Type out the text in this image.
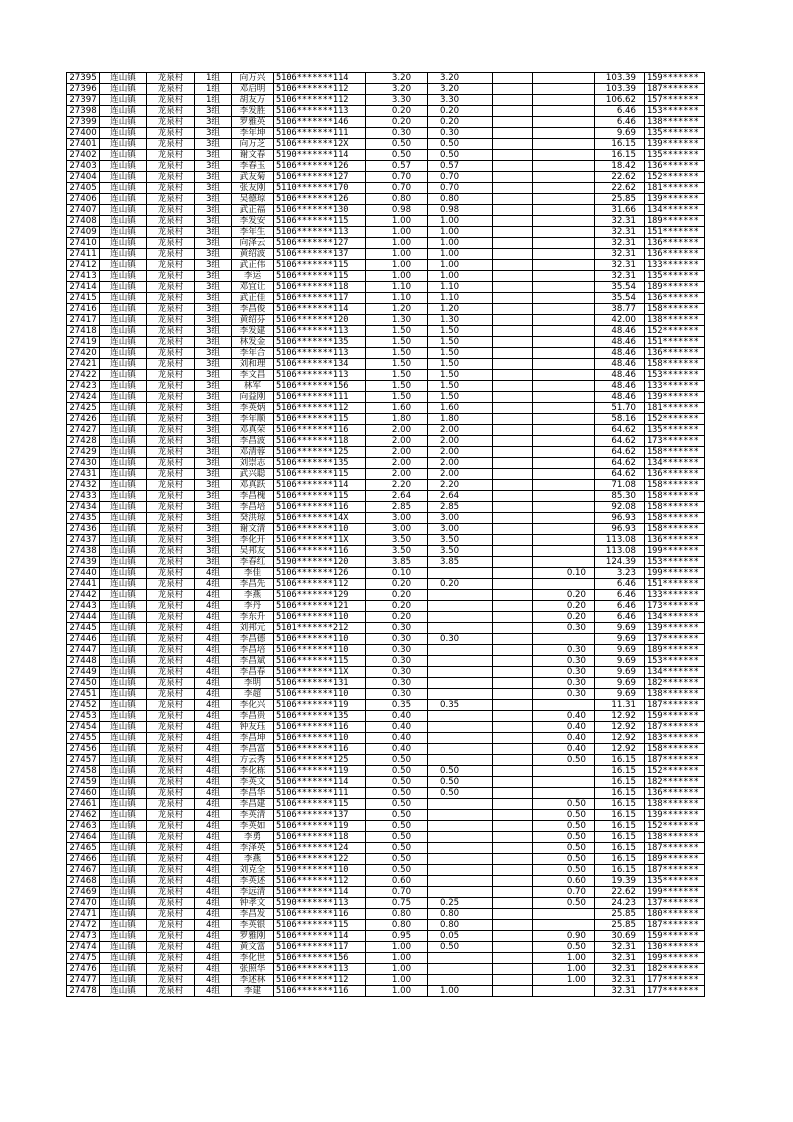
27395	连山镇	龙泉村	1组	向万兴	5106*******114	3.20	3.20			103.39	159*******
27396	连山镇	龙泉村	1组	邓启明	5106*******112	3.20	3.20			103.39	187*******
27397	连山镇	龙泉村	1组	胡友万	5106*******112	3.30	3.30			106.62	157*******
27398	连山镇	龙泉村	3组	李发胜	5106*******113	0.20	0.20			6.46	153*******
27399	连山镇	龙泉村	3组	罗雅英	5106*******146	0.20	0.20			6.46	138*******
27400	连山镇	龙泉村	3组	李年坤	5106*******111	0.30	0.30			9.69	135*******
27401	连山镇	龙泉村	3组	向万芝	5106*******12X	0.50	0.50			16.15	139*******
27402	连山镇	龙泉村	3组	谢文春	5190*******114	0.50	0.50			16.15	135*******
27403	连山镇	龙泉村	3组	李春玉	5106*******126	0.57	0.57			18.42	136*******
27404	连山镇	龙泉村	3组	武友菊	5106*******127	0.70	0.70			22.62	152*******
27405	连山镇	龙泉村	3组	张友刚	5110*******170	0.70	0.70			22.62	181*******
27406	连山镇	龙泉村	3组	吴德琼	5106*******126	0.80	0.80			25.85	139*******
27407	连山镇	龙泉村	3组	武正福	5106*******130	0.98	0.98			31.66	134*******
27408	连山镇	龙泉村	3组	李发安	5106*******115	1.00	1.00			32.31	189*******
27409	连山镇	龙泉村	3组	李年生	5106*******113	1.00	1.00			32.31	151*******
27410	连山镇	龙泉村	3组	向泽云	5106*******127	1.00	1.00			32.31	136*******
27411	连山镇	龙泉村	3组	黄绍波	5106*******137	1.00	1.00			32.31	136*******
27412	连山镇	龙泉村	3组	武正伟	5106*******115	1.00	1.00			32.31	133*******
27413	连山镇	龙泉村	3组	李运	5106*******115	1.00	1.00			32.31	135*******
27414	连山镇	龙泉村	3组	邓宜让	5106*******118	1.10	1.10			35.54	189*******
27415	连山镇	龙泉村	3组	武正佳	5106*******117	1.10	1.10			35.54	136*******
27416	连山镇	龙泉村	3组	李昌俊	5106*******114	1.20	1.20			38.77	158*******
27417	连山镇	龙泉村	3组	黄绍芬	5106*******120	1.30	1.30			42.00	138*******
27418	连山镇	龙泉村	3组	李发建	5106*******113	1.50	1.50			48.46	152*******
27419	连山镇	龙泉村	3组	林发金	5106*******135	1.50	1.50			48.46	151*******
27420	连山镇	龙泉村	3组	李年合	5106*******113	1.50	1.50			48.46	136*******
27421	连山镇	龙泉村	3组	刘和理	5106*******134	1.50	1.50			48.46	158*******
27422	连山镇	龙泉村	3组	李文昌	5106*******113	1.50	1.50			48.46	153*******
27423	连山镇	龙泉村	3组	林军	5106*******156	1.50	1.50			48.46	133*******
27424	连山镇	龙泉村	3组	向益刚	5106*******111	1.50	1.50			48.46	139*******
27425	连山镇	龙泉村	3组	李英炳	5106*******112	1.60	1.60			51.70	181*******
27426	连山镇	龙泉村	3组	李年顺	5106*******115	1.80	1.80			58.16	152*******
27427	连山镇	龙泉村	3组	邓真荣	5106*******116	2.00	2.00			64.62	135*******
27428	连山镇	龙泉村	3组	李昌波	5106*******118	2.00	2.00			64.62	173*******
27429	连山镇	龙泉村	3组	邓清蓉	5106*******125	2.00	2.00			64.62	158*******
27430	连山镇	龙泉村	3组	刘崇志	5106*******135	2.00	2.00			64.62	134*******
27431	连山镇	龙泉村	3组	武兴聪	5106*******115	2.00	2.00			64.62	136*******
27432	连山镇	龙泉村	3组	邓真跃	5106*******114	2.20	2.20			71.08	158*******
27433	连山镇	龙泉村	3组	李昌槐	5106*******115	2.64	2.64			85.30	158*******
27434	连山镇	龙泉村	3组	李昌培	5106*******116	2.85	2.85			92.08	158*******
27435	连山镇	龙泉村	3组	癸洪琼	5106*******14X	3.00	3.00			96.93	158*******
27436	连山镇	龙泉村	3组	谢文清	5106*******110	3.00	3.00			96.93	158*******
27437	连山镇	龙泉村	3组	李化开	5106*******11X	3.50	3.50			113.08	136*******
27438	连山镇	龙泉村	3组	吴邦友	5106*******116	3.50	3.50			113.08	199*******
27439	连山镇	龙泉村	3组	李春红	5190*******120	3.85	3.85			124.39	153*******
27440	连山镇	龙泉村	4组	李佳	5106*******126	0.10			0.10	3.23	199*******
27441	连山镇	龙泉村	4组	李昌先	5106*******112	0.20	0.20			6.46	151*******
27442	连山镇	龙泉村	4组	李燕	5106*******129	0.20			0.20	6.46	133*******
27443	连山镇	龙泉村	4组	李丹	5106*******121	0.20			0.20	6.46	173*******
27444	连山镇	龙泉村	4组	李东升	5106*******110	0.20			0.20	6.46	134*******
27445	连山镇	龙泉村	4组	刘邦元	5101*******212	0.30			0.30	9.69	139*******
27446	连山镇	龙泉村	4组	李昌德	5106*******110	0.30	0.30			9.69	137*******
27447	连山镇	龙泉村	4组	李昌培	5106*******110	0.30			0.30	9.69	189*******
27448	连山镇	龙泉村	4组	李昌斌	5106*******115	0.30			0.30	9.69	153*******
27449	连山镇	龙泉村	4组	李昌春	5106*******11X	0.30			0.30	9.69	134*******
27450	连山镇	龙泉村	4组	李明	5106*******131	0.30			0.30	9.69	182*******
27451	连山镇	龙泉村	4组	李超	5106*******110	0.30			0.30	9.69	138*******
27452	连山镇	龙泉村	4组	李化兴	5106*******119	0.35	0.35			11.31	187*******
27453	连山镇	龙泉村	4组	李昌贵	5106*******135	0.40			0.40	12.92	159*******
27454	连山镇	龙泉村	4组	钟友珏	5106*******116	0.40			0.40	12.92	187*******
27455	连山镇	龙泉村	4组	李昌坤	5106*******110	0.40			0.40	12.92	183*******
27456	连山镇	龙泉村	4组	李昌富	5106*******116	0.40			0.40	12.92	158*******
27457	连山镇	龙泉村	4组	方云秀	5106*******125	0.50			0.50	16.15	187*******
27458	连山镇	龙泉村	4组	李化栋	5106*******119	0.50	0.50			16.15	152*******
27459	连山镇	龙泉村	4组	李英文	5106*******114	0.50	0.50			16.15	182*******
27460	连山镇	龙泉村	4组	李昌华	5106*******111	0.50	0.50			16.15	136*******
27461	连山镇	龙泉村	4组	李昌建	5106*******115	0.50			0.50	16.15	138*******
27462	连山镇	龙泉村	4组	李英清	5106*******137	0.50			0.50	16.15	139*******
27463	连山镇	龙泉村	4组	李英如	5106*******119	0.50			0.50	16.15	152*******
27464	连山镇	龙泉村	4组	李勇	5106*******118	0.50			0.50	16.15	138*******
27465	连山镇	龙泉村	4组	李泽英	5106*******124	0.50			0.50	16.15	187*******
27466	连山镇	龙泉村	4组	李燕	5106*******122	0.50			0.50	16.15	189*******
27467	连山镇	龙泉村	4组	刘克全	5190*******110	0.50			0.50	16.15	187*******
27468	连山镇	龙泉村	4组	李英述	5106*******112	0.60			0.60	19.39	135*******
27469	连山镇	龙泉村	4组	李远清	5106*******114	0.70			0.70	22.62	199*******
27470	连山镇	龙泉村	4组	钟孝文	5190*******113	0.75	0.25		0.50	24.23	137*******
27471	连山镇	龙泉村	4组	李昌发	5106*******116	0.80	0.80			25.85	180*******
27472	连山镇	龙泉村	4组	李英银	5106*******115	0.80	0.80			25.85	187*******
27473	连山镇	龙泉村	4组	罗雅刚	5106*******114	0.95	0.05		0.90	30.69	159*******
27474	连山镇	龙泉村	4组	黄文富	5106*******117	1.00	0.50		0.50	32.31	130*******
27475	连山镇	龙泉村	4组	李化世	5106*******156	1.00			1.00	32.31	199*******
27476	连山镇	龙泉村	4组	张照华	5106*******113	1.00			1.00	32.31	182*******
27477	连山镇	龙泉村	4组	李述林	5106*******112	1.00			1.00	32.31	177*******
27478	连山镇	龙泉村	4组	李建	5106*******116	1.00	1.00			32.31	177*******
